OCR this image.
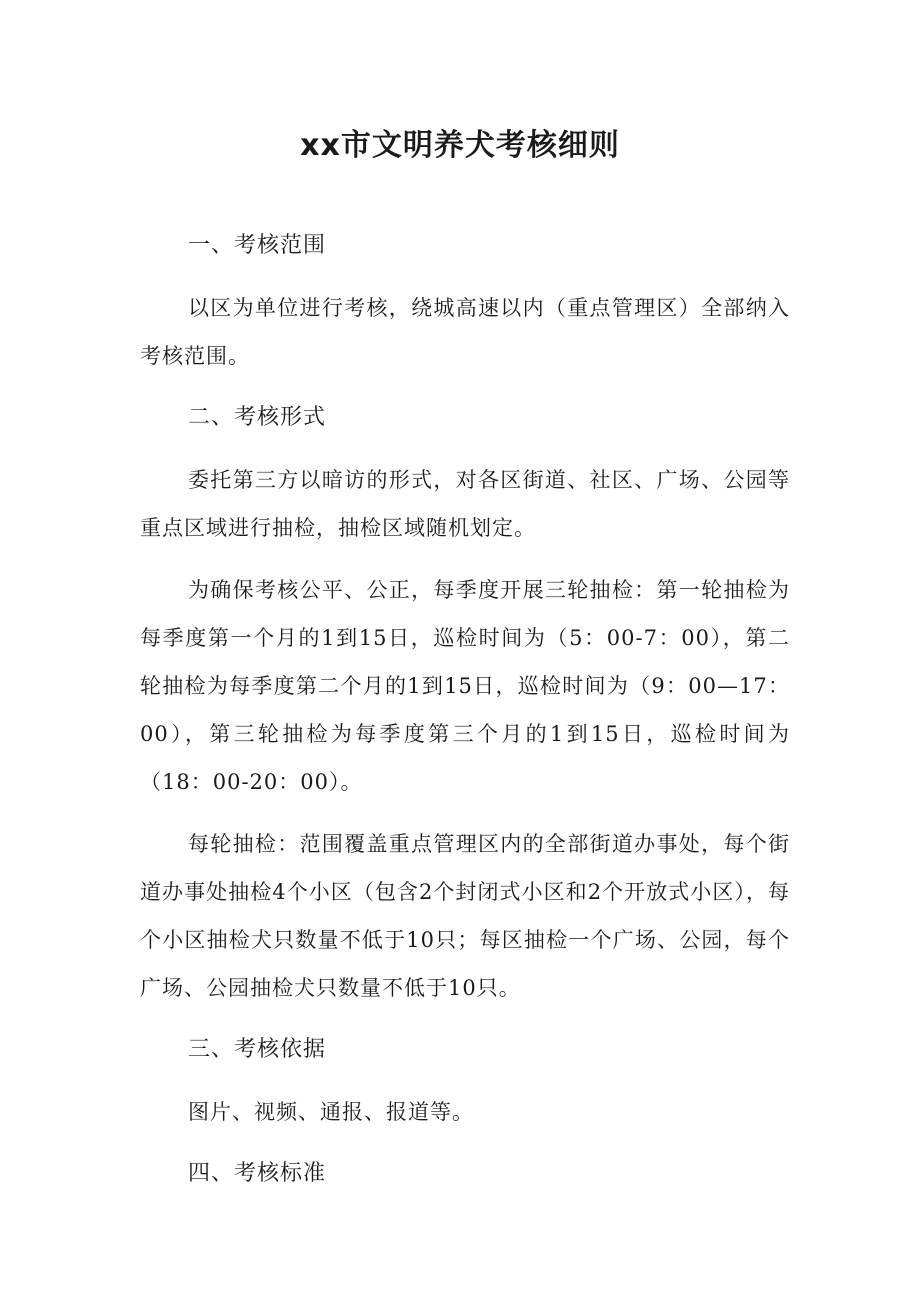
xx市文明养犬考核细则
一、考核范围

以区为单位进行考核，绕城高速以内（重点管理区）全部纳入考核范围。

二、考核形式

委托第三方以暗访的形式，对各区街道、社区、广场、公园等重点区域进行抽检，抽检区域随机划定。

为确保考核公平、公正，每季度开展三轮抽检：第一轮抽检为每季度第一个月的1到15日，巡检时间为（5：00-7：00），第二轮抽检为每季度第二个月的1到15日，巡检时间为（9：00—17：00），第三轮抽检为每季度第三个月的1到15日，巡检时间为（18：00-20：00）。

每轮抽检：范围覆盖重点管理区内的全部街道办事处，每个街道办事处抽检4个小区（包含2个封闭式小区和2个开放式小区），每个小区抽检犬只数量不低于10只；每区抽检一个广场、公园，每个广场、公园抽检犬只数量不低于10只。

三、考核依据

图片、视频、通报、报道等。

四、考核标准
